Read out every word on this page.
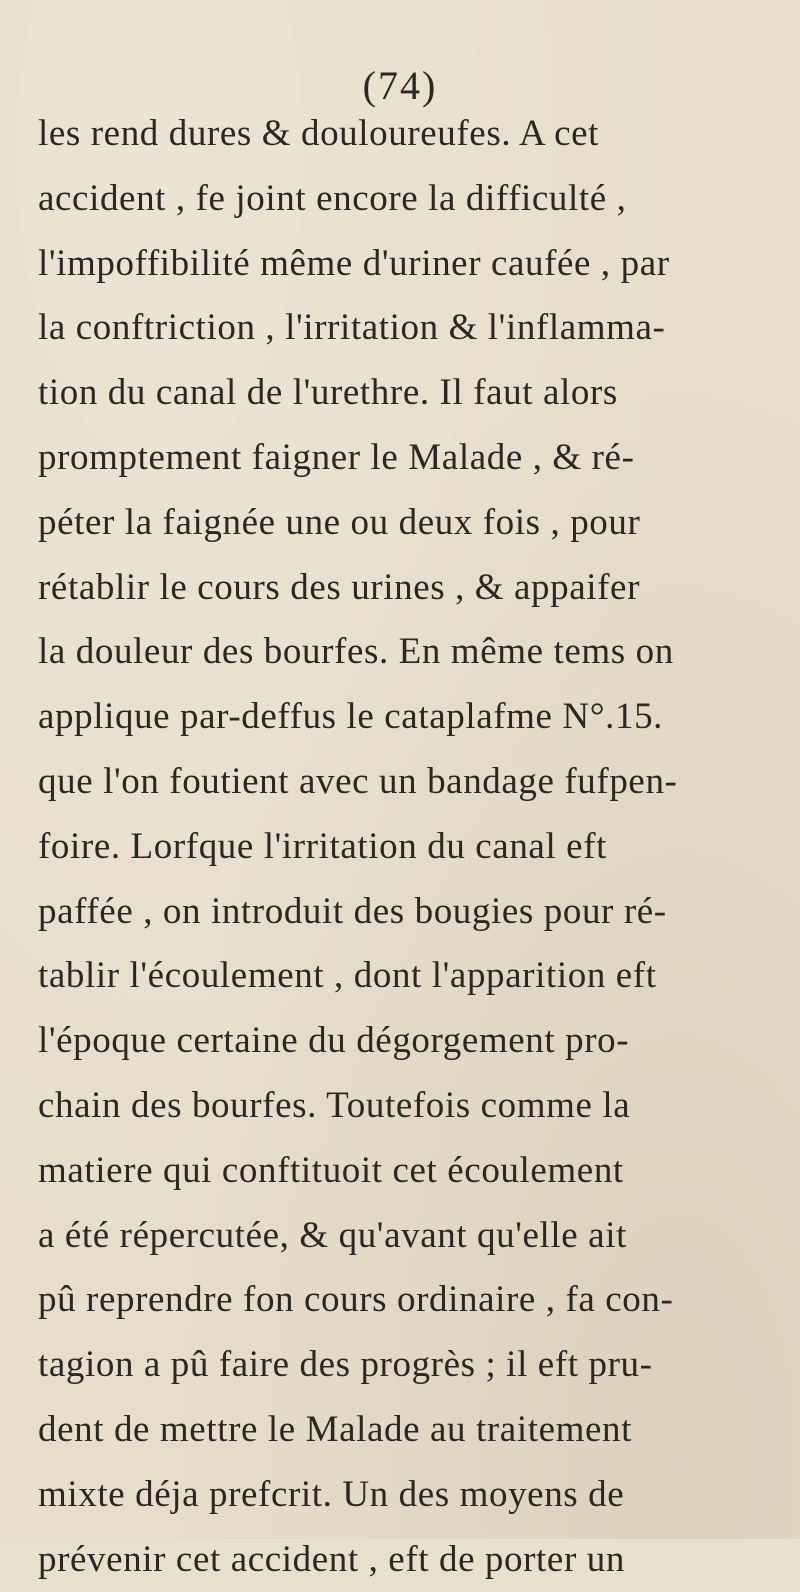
(74)
les rend dures & douloureufes. A cet
accident , fe joint encore la difficulté ,
l'impoffibilité même d'uriner caufée , par
la conftriction , l'irritation & l'inflamma-
tion du canal de l'urethre. Il faut alors
promptement faigner le Malade , & ré-
péter la faignée une ou deux fois , pour
rétablir le cours des urines , & appaifer
la douleur des bourfes. En même tems on
applique par-deffus le cataplafme N°.15.
que l'on foutient avec un bandage fufpen-
foire. Lorfque l'irritation du canal eft
paffée , on introduit des bougies pour ré-
tablir l'écoulement , dont l'apparition eft
l'époque certaine du dégorgement pro-
chain des bourfes. Toutefois comme la
matiere qui conftituoit cet écoulement
a été répercutée, & qu'avant qu'elle ait
pû reprendre fon cours ordinaire , fa con-
tagion a pû faire des progrès ; il eft pru-
dent de mettre le Malade au traitement
mixte déja prefcrit. Un des moyens de
prévenir cet accident , eft de porter un
